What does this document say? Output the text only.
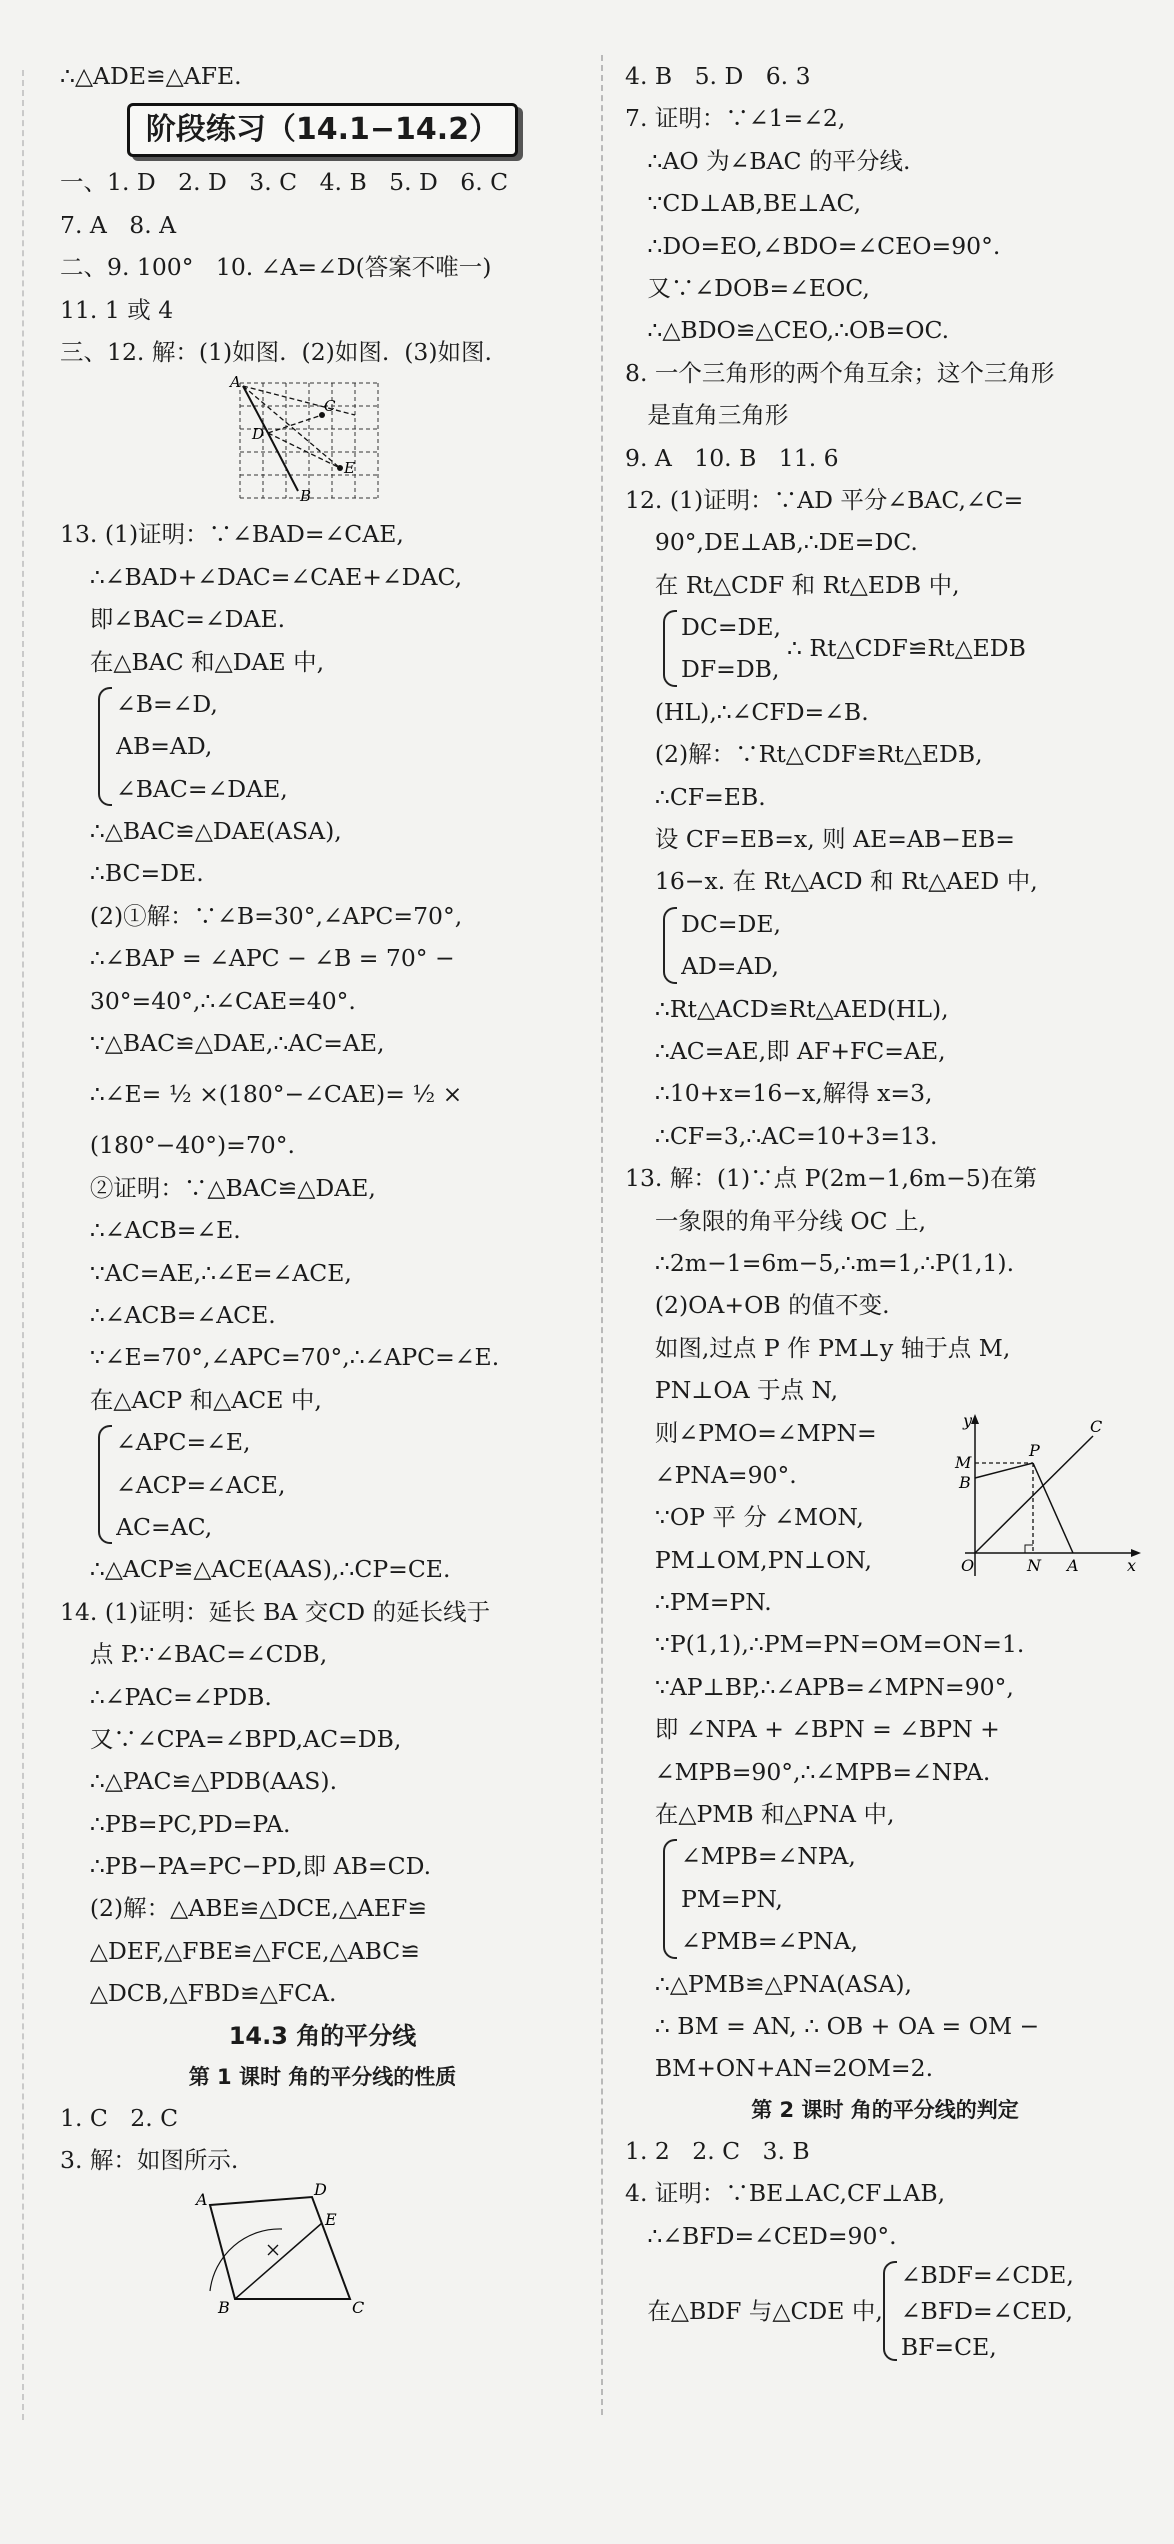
∴△ADE≌△AFE.
阶段练习（14.1−14.2）
一、1. D   2. D   3. C   4. B   5. D   6. C
7. A   8. A
二、9. 100°   10. ∠A=∠D(答案不唯一)
11. 1 或 4
三、12. 解：(1)如图.  (2)如图.  (3)如图.
A
C
D
E
B
13. (1)证明：∵∠BAD=∠CAE,
∴∠BAD+∠DAC=∠CAE+∠DAC,
即∠BAC=∠DAE.
在△BAC 和△DAE 中,
∠B=∠D,
AB=AD,
∠BAC=∠DAE,
∴△BAC≌△DAE(ASA),
∴BC=DE.
(2)①解：∵∠B=30°,∠APC=70°,
∴∠BAP = ∠APC − ∠B = 70° −
30°=40°,∴∠CAE=40°.
∵△BAC≌△DAE,∴AC=AE,
∴∠E= ½ ×(180°−∠CAE)= ½ ×
(180°−40°)=70°.
②证明：∵△BAC≌△DAE,
∴∠ACB=∠E.
∵AC=AE,∴∠E=∠ACE,
∴∠ACB=∠ACE.
∵∠E=70°,∠APC=70°,∴∠APC=∠E.
在△ACP 和△ACE 中,
∠APC=∠E,
∠ACP=∠ACE,
AC=AC,
∴△ACP≌△ACE(AAS),∴CP=CE.
14. (1)证明：延长 BA 交CD 的延长线于
点 P.∵∠BAC=∠CDB,
∴∠PAC=∠PDB.
又∵∠CPA=∠BPD,AC=DB,
∴△PAC≌△PDB(AAS).
∴PB=PC,PD=PA.
∴PB−PA=PC−PD,即 AB=CD.
(2)解：△ABE≌△DCE,△AEF≌
△DEF,△FBE≌△FCE,△ABC≌
△DCB,△FBD≌△FCA.
14.3 角的平分线
第 1 课时 角的平分线的性质
1. C   2. C
3. 解：如图所示.
A
D
E
B	C
4. B   5. D   6. 3
7. 证明：∵∠1=∠2,
∴AO 为∠BAC 的平分线.
∵CD⊥AB,BE⊥AC,
∴DO=EO,∠BDO=∠CEO=90°.
又∵∠DOB=∠EOC,
∴△BDO≌△CEO,∴OB=OC.
8. 一个三角形的两个角互余；这个三角形
是直角三角形
9. A   10. B   11. 6
12. (1)证明：∵AD 平分∠BAC,∠C=
90°,DE⊥AB,∴DE=DC.
在 Rt△CDF 和 Rt△EDB 中,
DC=DE,
DF=DB,
∴ Rt△CDF≌Rt△EDB
(HL),∴∠CFD=∠B.
(2)解：∵Rt△CDF≌Rt△EDB,
∴CF=EB.
设 CF=EB=x, 则 AE=AB−EB=
16−x. 在 Rt△ACD 和 Rt△AED 中,
DC=DE,
AD=AD,
∴Rt△ACD≌Rt△AED(HL),
∴AC=AE,即 AF+FC=AE,
∴10+x=16−x,解得 x=3,
∴CF=3,∴AC=10+3=13.
13. 解：(1)∵点 P(2m−1,6m−5)在第
一象限的角平分线 OC 上,
∴2m−1=6m−5,∴m=1,∴P(1,1).
(2)OA+OB 的值不变.
如图,过点 P 作 PM⊥y 轴于点 M,
PN⊥OA 于点 N,
则∠PMO=∠MPN=
∠PNA=90°.
∵OP 平 分 ∠MON,
PM⊥OM,PN⊥ON,
y	C
M
P
B
O	N A	x
∴PM=PN.
∵P(1,1),∴PM=PN=OM=ON=1.
∵AP⊥BP,∴∠APB=∠MPN=90°,
即 ∠NPA + ∠BPN = ∠BPN +
∠MPB=90°,∴∠MPB=∠NPA.
在△PMB 和△PNA 中,
∠MPB=∠NPA,
PM=PN,
∠PMB=∠PNA,
∴△PMB≌△PNA(ASA),
∴ BM = AN, ∴ OB + OA = OM −
BM+ON+AN=2OM=2.
第 2 课时 角的平分线的判定
1. 2   2. C   3. B
4. 证明：∵BE⊥AC,CF⊥AB,
∴∠BFD=∠CED=90°.
在△BDF 与△CDE 中,
∠BDF=∠CDE,
∠BFD=∠CED,
BF=CE,
